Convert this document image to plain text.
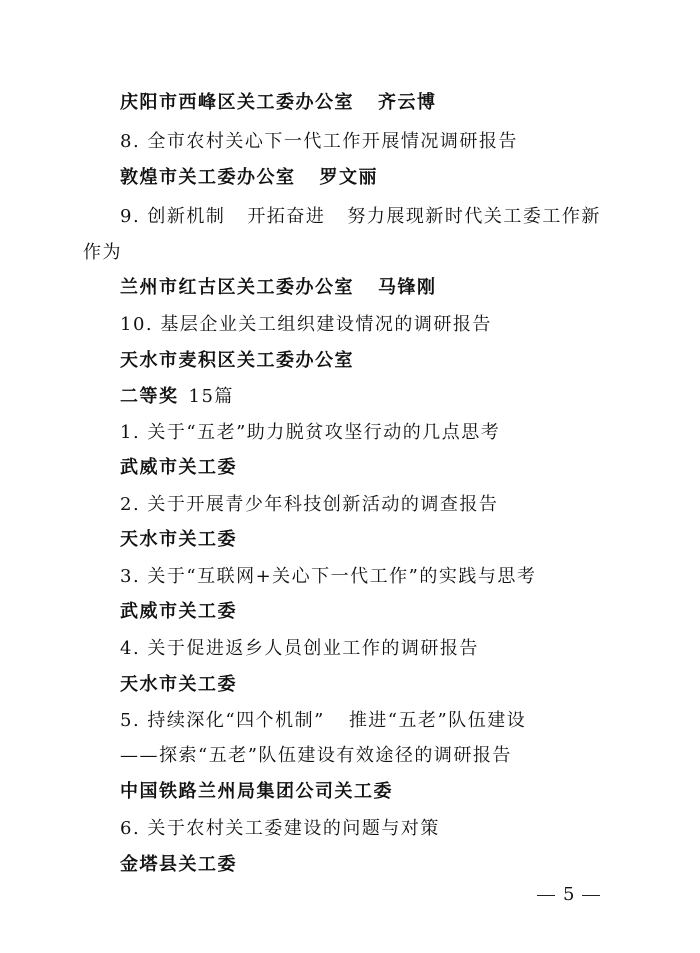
庆阳市西峰区关工委办公室 齐云博
8. 全市农村关心下一代工作开展情况调研报告
敦煌市关工委办公室 罗文丽
9. 创新机制 开拓奋进 努力展现新时代关工委工作新
作为
兰州市红古区关工委办公室 马锋刚
10. 基层企业关工组织建设情况的调研报告
天水市麦积区关工委办公室
二等奖 15篇
1. 关于“五老”助力脱贫攻坚行动的几点思考
武威市关工委
2. 关于开展青少年科技创新活动的调查报告
天水市关工委
3. 关于“互联网+关心下一代工作”的实践与思考
武威市关工委
4. 关于促进返乡人员创业工作的调研报告
天水市关工委
5. 持续深化“四个机制” 推进“五老”队伍建设
——探索“五老”队伍建设有效途径的调研报告
中国铁路兰州局集团公司关工委
6. 关于农村关工委建设的问题与对策
金塔县关工委
5
